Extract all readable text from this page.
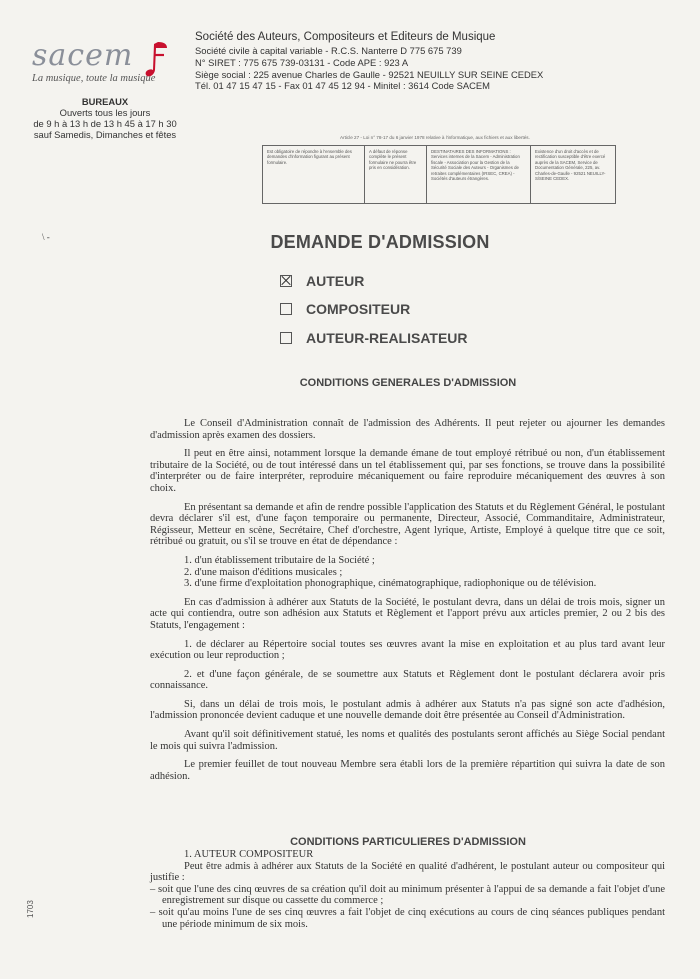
sacem
La musique, toute la musique
Société des Auteurs, Compositeurs et Editeurs de Musique
Société civile à capital variable - R.C.S. Nanterre D 775 675 739
N° SIRET : 775 675 739-03131 - Code APE : 923 A
Siège social : 225 avenue Charles de Gaulle - 92521 NEUILLY SUR SEINE CEDEX
Tél. 01 47 15 47 15 - Fax 01 47 45 12 94 - Minitel : 3614 Code SACEM
BUREAUX
Ouverts tous les jours
de 9 h à 13 h de 13 h 45 à 17 h 30
sauf Samedis, Dimanches et fêtes	Article 27 - Loi n° 78-17 du 6 janvier 1978 relative à l'informatique, aux fichiers et aux libertés.
Est obligatoire de répondre à l'ensemble des demandes d'information figurant au présent formulaire.
A défaut de réponse complète le présent formulaire ne pourra être pris en considération.
DESTINATAIRES DES INFORMATIONS : Services internes de la Sacem - Administration fiscale - Association pour la Gestion de la Sécurité Sociale des Auteurs - Organismes de retraites complémentaires (IRSEC, CREA) - Sociétés d'auteurs étrangères.
Existence d'un droit d'accès et de rectification susceptible d'être exercé auprès de la SACEM, Service de Documentation Générale, 225, av. Charles-de-Gaulle - 92521 NEUILLY-S/SEINE CEDEX.
\ -	DEMANDE D'ADMISSION
AUTEUR
COMPOSITEUR
AUTEUR-REALISATEUR
CONDITIONS GENERALES D'ADMISSION

Le Conseil d'Administration connaît de l'admission des Adhérents. Il peut rejeter ou ajourner les demandes d'admission après examen des dossiers.

Il peut en être ainsi, notamment lorsque la demande émane de tout employé rétribué ou non, d'un établissement tributaire de la Société, ou de tout intéressé dans un tel établissement qui, par ses fonctions, se trouve dans la possibilité d'interpréter ou de faire interpréter, reproduire mécaniquement ou faire reproduire mécaniquement des œuvres à son choix.

En présentant sa demande et afin de rendre possible l'application des Statuts et du Règlement Général, le postulant devra déclarer s'il est, d'une façon temporaire ou permanente, Directeur, Associé, Commanditaire, Administrateur, Régisseur, Metteur en scène, Secrétaire, Chef d'orchestre, Agent lyrique, Artiste, Employé à quelque titre que ce soit, rétribué ou gratuit, ou s'il se trouve en état de dépendance :

1. d'un établissement tributaire de la Société ;
2. d'une maison d'éditions musicales ;
3. d'une firme d'exploitation phonographique, cinématographique, radiophonique ou de télévision.

En cas d'admission à adhérer aux Statuts de la Société, le postulant devra, dans un délai de trois mois, signer un acte qui contiendra, outre son adhésion aux Statuts et Règlement et l'apport prévu aux articles premier, 2 ou 2 bis des Statuts, l'engagement :

1. de déclarer au Répertoire social toutes ses œuvres avant la mise en exploitation et au plus tard avant leur exécution ou leur reproduction ;

2. et d'une façon générale, de se soumettre aux Statuts et Règlement dont le postulant déclarera avoir pris connaissance.

Si, dans un délai de trois mois, le postulant admis à adhérer aux Statuts n'a pas signé son acte d'adhésion, l'admission prononcée devient caduque et une nouvelle demande doit être présentée au Conseil d'Administration.

Avant qu'il soit définitivement statué, les noms et qualités des postulants seront affichés au Siège Social pendant le mois qui suivra l'admission.

Le premier feuillet de tout nouveau Membre sera établi lors de la première répartition qui suivra la date de son adhésion.

CONDITIONS PARTICULIERES D'ADMISSION

1. AUTEUR COMPOSITEUR

Peut être admis à adhérer aux Statuts de la Société en qualité d'adhérent, le postulant auteur ou compositeur qui justifie :

– soit que l'une des cinq œuvres de sa création qu'il doit au minimum présenter à l'appui de sa demande a fait l'objet d'une enregistrement sur disque ou cassette du commerce ;

– soit qu'au moins l'une de ses cinq œuvres a fait l'objet de cinq exécutions au cours de cinq séances publiques pendant une période minimum de six mois.

1703
